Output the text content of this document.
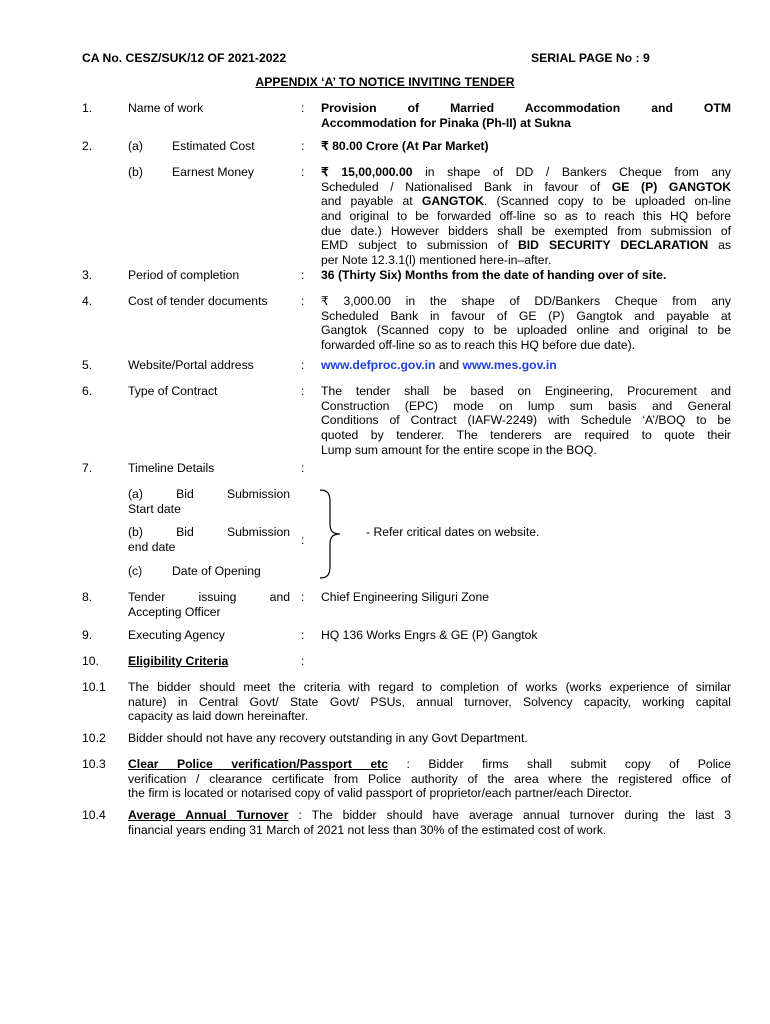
CA No. CESZ/SUK/12 OF 2021-2022	SERIAL PAGE No : 9
APPENDIX ‘A’ TO NOTICE INVITING TENDER
1.	Name of work	: Provision of Married Accommodation and OTM
Accommodation for Pinaka (Ph-II) at Sukna
2.	(a) Estimated Cost	: ₹ 80.00 Crore (At Par Market)
(b) Earnest Money	: ₹ 15,00,000.00 in shape of DD / Bankers Cheque from any
Scheduled / Nationalised Bank in favour of GE (P) GANGTOK
and payable at GANGTOK. (Scanned copy to be uploaded on-line
and original to be forwarded off-line so as to reach this HQ before
due date.) However bidders shall be exempted from submission of
EMD subject to submission of BID SECURITY DECLARATION as
per Note 12.3.1(l) mentioned here-in–after.
3.	Period of completion	: 36 (Thirty Six) Months from the date of handing over of site.
4.	Cost of tender documents	: ₹ 3,000.00 in the shape of DD/Bankers Cheque from any
Scheduled Bank in favour of GE (P) Gangtok and payable at
Gangtok (Scanned copy to be uploaded online and original to be
forwarded off-line so as to reach this HQ before due date).
5.	Website/Portal address	: www.defproc.gov.in and www.mes.gov.in
6.	Type of Contract	: The tender shall be based on Engineering, Procurement and
Construction (EPC) mode on lump sum basis and General
Conditions of Contract (IAFW-2249) with Schedule ‘A’/BOQ to be
quoted by tenderer. The tenderers are required to quote their
Lump sum amount for the entire scope in the BOQ.
7.	Timeline Details	:
(a) Bid Submission
Start date
(b) Bid Submission
end date	:
(c) Date of Opening
- Refer critical dates on website.
8.	Tender issuing and
Accepting Officer
: Chief Engineering Siliguri Zone
9.	Executing Agency	: HQ 136 Works Engrs & GE (P) Gangtok
10. Eligibility Criteria	:
10.1 The bidder should meet the criteria with regard to completion of works (works experience of similar
nature) in Central Govt/ State Govt/ PSUs, annual turnover, Solvency capacity, working capital
capacity as laid down hereinafter.
10.2 Bidder should not have any recovery outstanding in any Govt Department.
10.3 Clear Police verification/Passport etc : Bidder firms shall submit copy of Police
verification / clearance certificate from Police authority of the area where the registered office of
the firm is located or notarised copy of valid passport of proprietor/each partner/each Director.
10.4 Average Annual Turnover : The bidder should have average annual turnover during the last 3
financial years ending 31 March of 2021 not less than 30% of the estimated cost of work.
